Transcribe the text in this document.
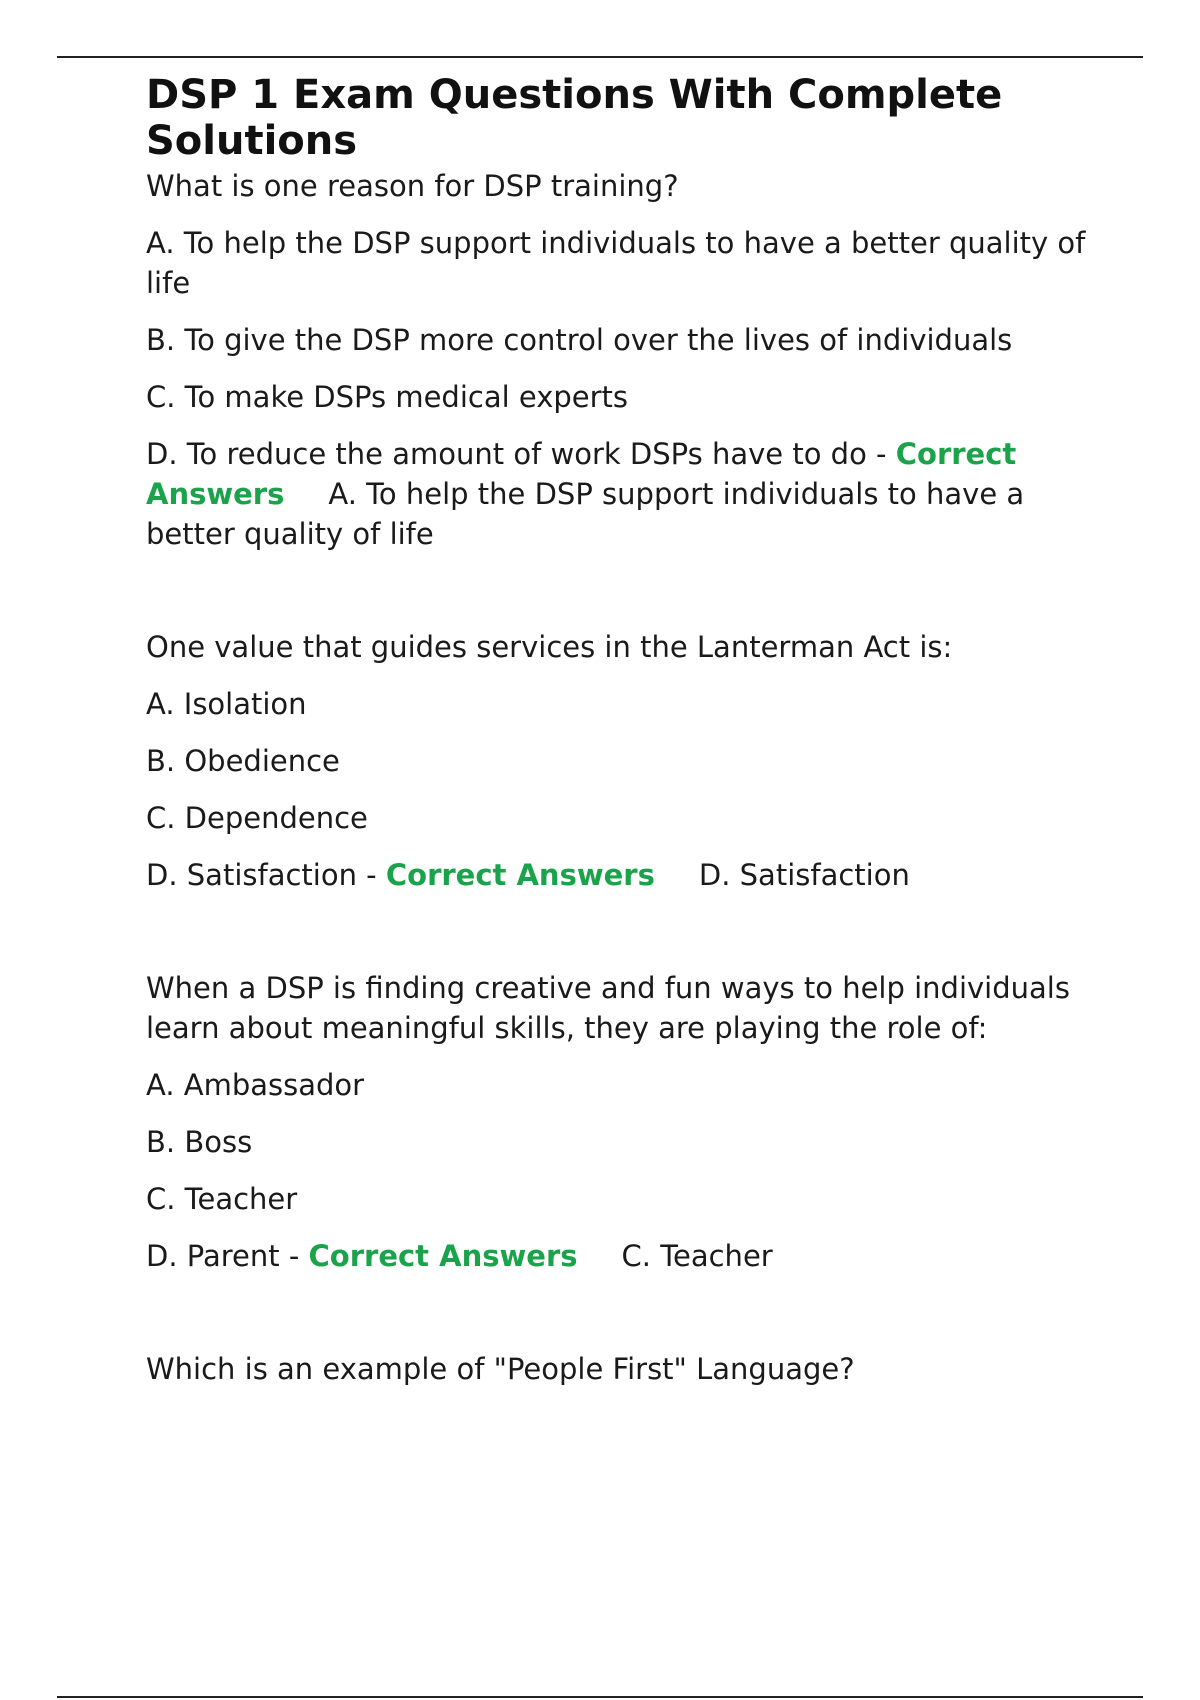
DSP 1 Exam Questions With Complete Solutions

What is one reason for DSP training?

A. To help the DSP support individuals to have a better quality of life

B. To give the DSP more control over the lives of individuals

C. To make DSPs medical experts

D. To reduce the amount of work DSPs have to do - Correct Answers A. To help the DSP support individuals to have a better quality of life

One value that guides services in the Lanterman Act is:

A. Isolation

B. Obedience

C. Dependence

D. Satisfaction - Correct Answers D. Satisfaction

When a DSP is finding creative and fun ways to help individuals learn about meaningful skills, they are playing the role of:

A. Ambassador

B. Boss

C. Teacher

D. Parent - Correct Answers C. Teacher

Which is an example of "People First" Language?
